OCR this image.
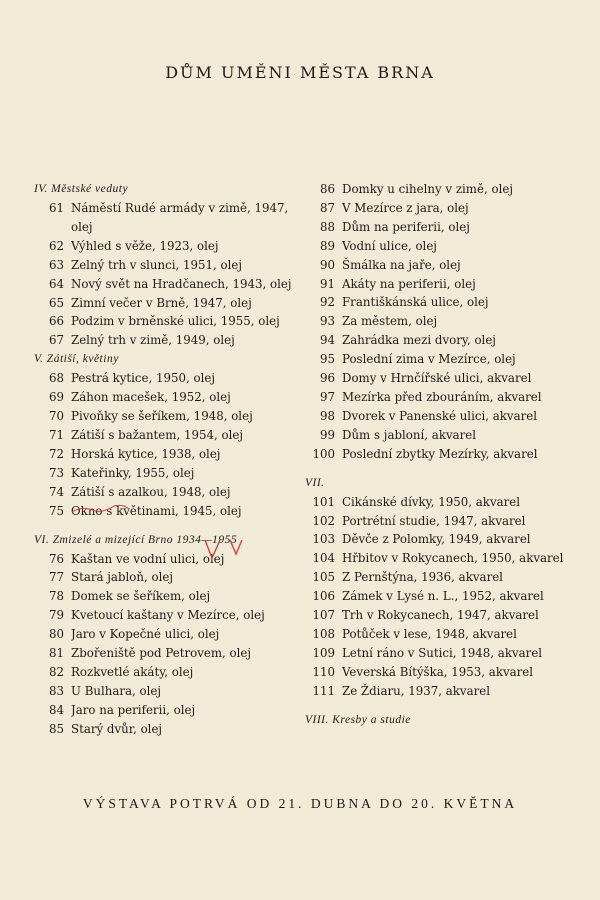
DŮM UMĚNI MĚSTA BRNA
IV. Městské veduty
61 Náměstí Rudé armády v zimě, 1947, olej
62 Výhled s věže, 1923, olej
63 Zelný trh v slunci, 1951, olej
64 Nový svět na Hradčanech, 1943, olej
65 Zimní večer v Brně, 1947, olej
66 Podzim v brněnské ulici, 1955, olej
67 Zelný trh v zimě, 1949, olej
V. Zátiší, květiny
68 Pestrá kytice, 1950, olej
69 Záhon macešek, 1952, olej
70 Pivoňky se šeříkem, 1948, olej
71 Zátiší s bažantem, 1954, olej
72 Horská kytice, 1938, olej
73 Kateřinky, 1955, olej
74 Zátiší s azalkou, 1948, olej
75 Okno s květinami, 1945, olej
VI. Zmizelé a mizející Brno 1934—1955
76 Kaštan ve vodní ulici, olej
77 Stará jabloň, olej
78 Domek se šeříkem, olej
79 Kvetoucí kaštany v Mezírce, olej
80 Jaro v Kopečné ulici, olej
81 Zbořeniště pod Petrovem, olej
82 Rozkvetlé akáty, olej
83 U Bulhara, olej
84 Jaro na periferii, olej
85 Starý dvůr, olej
86 Domky u cihelny v zimě, olej
87 V Mezírce z jara, olej
88 Dům na periferii, olej
89 Vodní ulice, olej
90 Šmálka na jaře, olej
91 Akáty na periferii, olej
92 Františkánská ulice, olej
93 Za městem, olej
94 Zahrádka mezi dvory, olej
95 Poslední zima v Mezírce, olej
96 Domy v Hrnčířské ulici, akvarel
97 Mezírka před zbouráním, akvarel
98 Dvorek v Panenské ulici, akvarel
99 Dům s jabloní, akvarel
100 Poslední zbytky Mezírky, akvarel
VII.
101 Cikánské dívky, 1950, akvarel
102 Portrétní studie, 1947, akvarel
103 Děvče z Polomky, 1949, akvarel
104 Hřbitov v Rokycanech, 1950, akvarel
105 Z Pernštýna, 1936, akvarel
106 Zámek v Lysé n. L., 1952, akvarel
107 Trh v Rokycanech, 1947, akvarel
108 Potůček v lese, 1948, akvarel
109 Letní ráno v Sutici, 1948, akvarel
110 Veverská Bítýška, 1953, akvarel
111 Ze Ždiaru, 1937, akvarel
VIII. Kresby a studie
VÝSTAVA POTRVÁ OD 21. DUBNA DO 20. KVĚTNA
